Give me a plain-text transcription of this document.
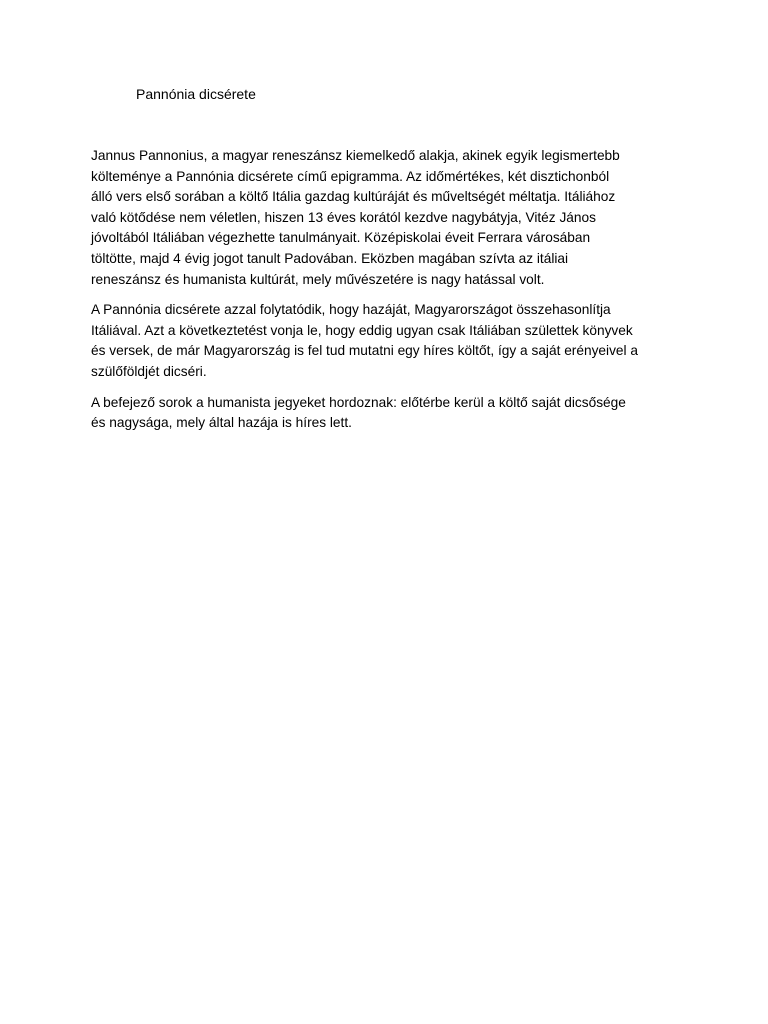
Pannónia dicsérete

Jannus Pannonius, a magyar reneszánsz kiemelkedő alakja, akinek egyik legismertebb
költeménye a Pannónia dicsérete című epigramma. Az időmértékes, két disztichonból
álló vers első sorában a költő Itália gazdag kultúráját és műveltségét méltatja. Itáliához
való kötődése nem véletlen, hiszen 13 éves korától kezdve nagybátyja, Vitéz János
jóvoltából Itáliában végezhette tanulmányait. Középiskolai éveit Ferrara városában
töltötte, majd 4 évig jogot tanult Padovában. Eközben magában szívta az itáliai
reneszánsz és humanista kultúrát, mely művészetére is nagy hatással volt.

A Pannónia dicsérete azzal folytatódik, hogy hazáját, Magyarországot összehasonlítja
Itáliával. Azt a következtetést vonja le, hogy eddig ugyan csak Itáliában születtek könyvek
és versek, de már Magyarország is fel tud mutatni egy híres költőt, így a saját erényeivel a
szülőföldjét dicséri.

A befejező sorok a humanista jegyeket hordoznak: előtérbe kerül a költő saját dicsősége
és nagysága, mely által hazája is híres lett.
